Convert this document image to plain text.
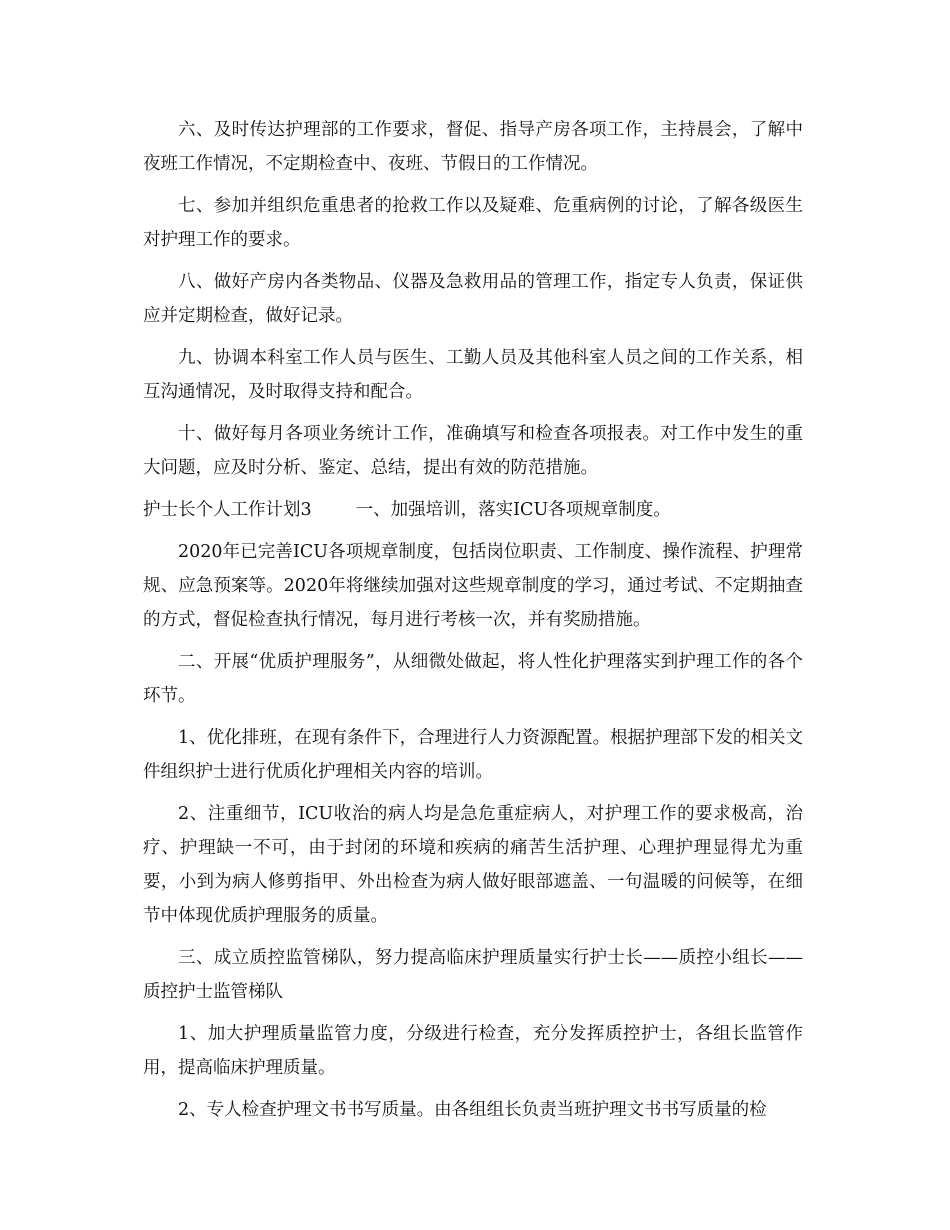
六、及时传达护理部的工作要求，督促、指导产房各项工作，主持晨会，了解中夜班工作情况，不定期检查中、夜班、节假日的工作情况。

七、参加并组织危重患者的抢救工作以及疑难、危重病例的讨论，了解各级医生对护理工作的要求。

八、做好产房内各类物品、仪器及急救用品的管理工作，指定专人负责，保证供应并定期检查，做好记录。

九、协调本科室工作人员与医生、工勤人员及其他科室人员之间的工作关系，相互沟通情况，及时取得支持和配合。

十、做好每月各项业务统计工作，准确填写和检查各项报表。对工作中发生的重大问题，应及时分析、鉴定、总结，提出有效的防范措施。

护士长个人工作计划3	一、加强培训，落实ICU各项规章制度。

2020年已完善ICU各项规章制度，包括岗位职责、工作制度、操作流程、护理常规、应急预案等。2020年将继续加强对这些规章制度的学习，通过考试、不定期抽查的方式，督促检查执行情况，每月进行考核一次，并有奖励措施。

二、开展“优质护理服务”，从细微处做起，将人性化护理落实到护理工作的各个环节。

1、优化排班，在现有条件下，合理进行人力资源配置。根据护理部下发的相关文件组织护士进行优质化护理相关内容的培训。

2、注重细节，ICU收治的病人均是急危重症病人，对护理工作的要求极高，治疗、护理缺一不可，由于封闭的环境和疾病的痛苦生活护理、心理护理显得尤为重要，小到为病人修剪指甲、外出检查为病人做好眼部遮盖、一句温暖的问候等，在细节中体现优质护理服务的质量。

三、成立质控监管梯队，努力提高临床护理质量实行护士长——质控小组长——质控护士监管梯队

1、加大护理质量监管力度，分级进行检查，充分发挥质控护士，各组长监管作用，提高临床护理质量。

2、专人检查护理文书书写质量。由各组组长负责当班护理文书书写质量的检
